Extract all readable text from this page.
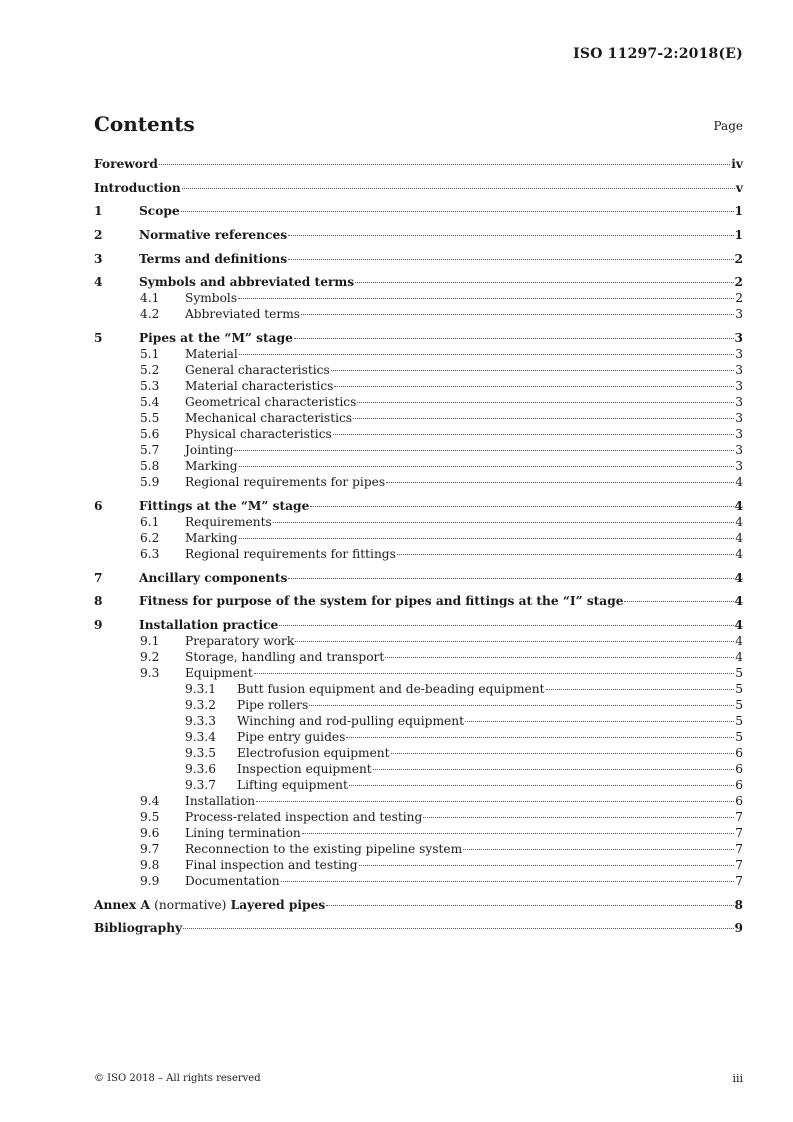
ISO 11297-2:2018(E)
Contents	Page
Foreword	iv
Introduction	v
1	Scope	1
2	Normative references	1
3	Terms and definitions	2
4	Symbols and abbreviated terms	2
4.1	Symbols	2
4.2	Abbreviated terms	3
5	Pipes at the “M” stage	3
5.1	Material	3
5.2	General characteristics	3
5.3	Material characteristics	3
5.4	Geometrical characteristics	3
5.5	Mechanical characteristics	3
5.6	Physical characteristics	3
5.7	Jointing	3
5.8	Marking	3
5.9	Regional requirements for pipes	4
6	Fittings at the “M” stage	4
6.1	Requirements	4
6.2	Marking	4
6.3	Regional requirements for fittings	4
7	Ancillary components	4
8	Fitness for purpose of the system for pipes and fittings at the “I” stage	4
9	Installation practice	4
9.1	Preparatory work	4
9.2	Storage, handling and transport	4
9.3	Equipment	5
9.3.1	Butt fusion equipment and de-beading equipment	5
9.3.2	Pipe rollers	5
9.3.3	Winching and rod-pulling equipment	5
9.3.4	Pipe entry guides	5
9.3.5	Electrofusion equipment	6
9.3.6	Inspection equipment	6
9.3.7	Lifting equipment	6
9.4	Installation	6
9.5	Process-related inspection and testing	7
9.6	Lining termination	7
9.7	Reconnection to the existing pipeline system	7
9.8	Final inspection and testing	7
9.9	Documentation	7
Annex A (normative) Layered pipes	8
Bibliography	9
© ISO 2018 – All rights reserved	iii
